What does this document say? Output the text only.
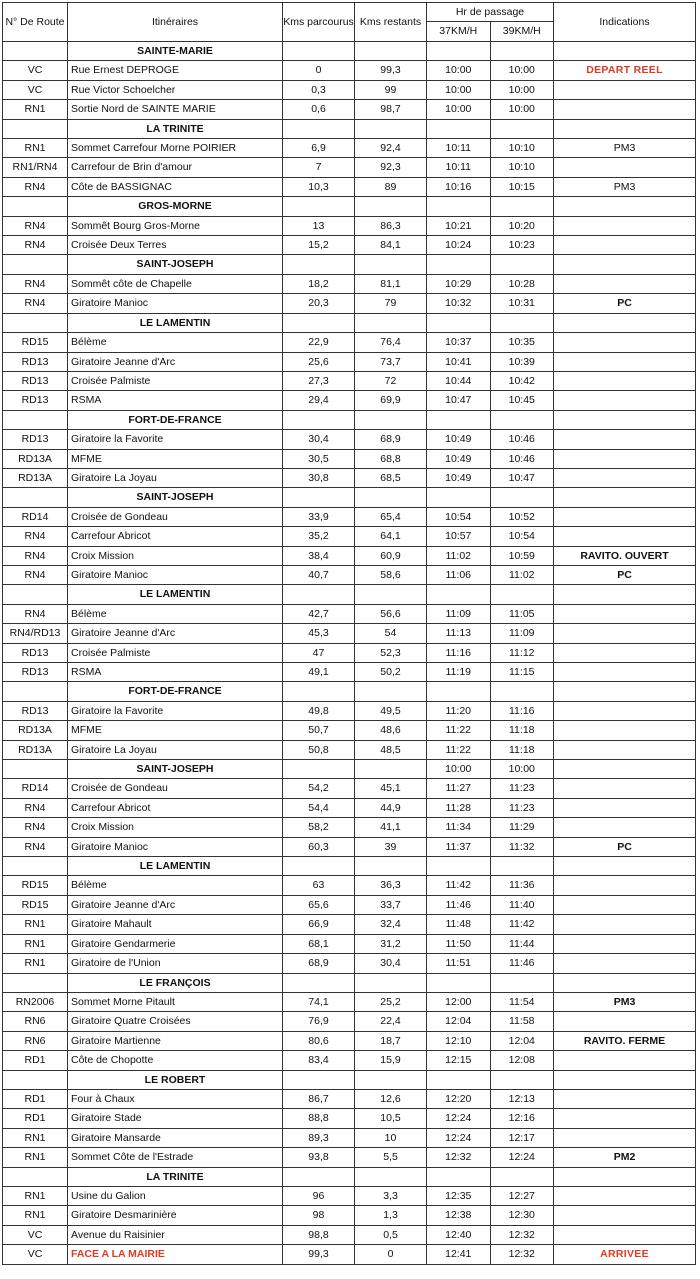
N° De Route	Itinéraires	Kms parcourus	Kms restants	Hr de passage		Indications
				37KM/H	39KM/H	
	SAINTE-MARIE					
VC	Rue Ernest DEPROGE	0	99,3	10:00	10:00	DEPART REEL
VC	Rue Victor Schoelcher	0,3	99	10:00	10:00	
RN1	Sortie Nord de SAINTE MARIE	0,6	98,7	10:00	10:00	
	LA TRINITE					
RN1	Sommet Carrefour Morne POIRIER	6,9	92,4	10:11	10:10	PM3
RN1/RN4	Carrefour de Brin d'amour	7	92,3	10:11	10:10	
RN4	Côte de BASSIGNAC	10,3	89	10:16	10:15	PM3
	GROS-MORNE					
RN4	Sommêt Bourg Gros-Morne	13	86,3	10:21	10:20	
RN4	Croisée Deux Terres	15,2	84,1	10:24	10:23	
	SAINT-JOSEPH					
RN4	Sommêt côte de Chapelle	18,2	81,1	10:29	10:28	
RN4	Giratoire Manioc	20,3	79	10:32	10:31	PC
	LE LAMENTIN					
RD15	Bélème	22,9	76,4	10:37	10:35	
RD13	Giratoire Jeanne d'Arc	25,6	73,7	10:41	10:39	
RD13	Croisée Palmiste	27,3	72	10:44	10:42	
RD13	RSMA	29,4	69,9	10:47	10:45	
	FORT-DE-FRANCE					
RD13	Giratoire la Favorite	30,4	68,9	10:49	10:46	
RD13A	MFME	30,5	68,8	10:49	10:46	
RD13A	Giratoire La Joyau	30,8	68,5	10:49	10:47	
	SAINT-JOSEPH					
RD14	Croisée de Gondeau	33,9	65,4	10:54	10:52	
RN4	Carrefour Abricot	35,2	64,1	10:57	10:54	
RN4	Croix Mission	38,4	60,9	11:02	10:59	RAVITO. OUVERT
RN4	Giratoire Manioc	40,7	58,6	11:06	11:02	PC
	LE LAMENTIN					
RN4	Bélème	42,7	56,6	11:09	11:05	
RN4/RD13	Giratoire Jeanne d'Arc	45,3	54	11:13	11:09	
RD13	Croisée Palmiste	47	52,3	11:16	11:12	
RD13	RSMA	49,1	50,2	11:19	11:15	
	FORT-DE-FRANCE					
RD13	Giratoire la Favorite	49,8	49,5	11:20	11:16	
RD13A	MFME	50,7	48,6	11:22	11:18	
RD13A	Giratoire La Joyau	50,8	48,5	11:22	11:18	
	SAINT-JOSEPH			10:00	10:00	
RD14	Croisée de Gondeau	54,2	45,1	11:27	11:23	
RN4	Carrefour Abricot	54,4	44,9	11:28	11:23	
RN4	Croix Mission	58,2	41,1	11:34	11:29	
RN4	Giratoire Manioc	60,3	39	11:37	11:32	PC
	LE LAMENTIN					
RD15	Bélème	63	36,3	11:42	11:36	
RD15	Giratoire Jeanne d'Arc	65,6	33,7	11:46	11:40	
RN1	Giratoire Mahault	66,9	32,4	11:48	11:42	
RN1	Giratoire Gendarmerie	68,1	31,2	11:50	11:44	
RN1	Giratoire de l'Union	68,9	30,4	11:51	11:46	
	LE FRANÇOIS					
RN2006	Sommet Morne Pitault	74,1	25,2	12:00	11:54	PM3
RN6	Giratoire Quatre Croisées	76,9	22,4	12:04	11:58	
RN6	Giratoire Martienne	80,6	18,7	12:10	12:04	RAVITO. FERME
RD1	Côte de Chopotte	83,4	15,9	12:15	12:08	
	LE ROBERT					
RD1	Four à Chaux	86,7	12,6	12:20	12:13	
RD1	Giratoire Stade	88,8	10,5	12:24	12:16	
RN1	Giratoire Mansarde	89,3	10	12:24	12:17	
RN1	Sommet Côte de l'Estrade	93,8	5,5	12:32	12:24	PM2
	LA TRINITE					
RN1	Usine du Galion	96	3,3	12:35	12:27	
RN1	Giratoire Desmarinière	98	1,3	12:38	12:30	
VC	Avenue du Raisinier	98,8	0,5	12:40	12:32	
VC	FACE A LA MAIRIE	99,3	0	12:41	12:32	ARRIVEE
